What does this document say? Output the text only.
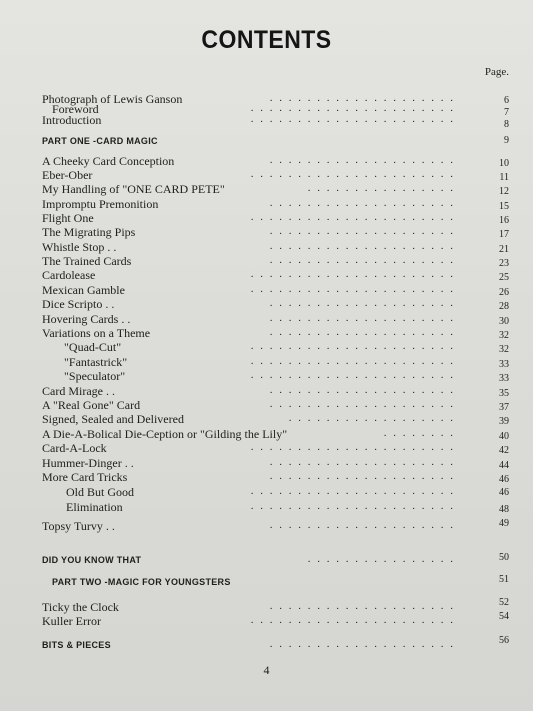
CONTENTS
Page.
Photograph of Lewis Ganson	. . . . . . . . . . . . . . . . . . . .	6
Foreword	. . . . . . . . . . . . . . . . . . . . . .	7
Introduction	. . . . . . . . . . . . . . . . . . . . . .	8
PART ONE -CARD MAGIC	9
A Cheeky Card Conception	. . . . . . . . . . . . . . . . . . . .	10
Eber-Ober	. . . . . . . . . . . . . . . . . . . . . .	11
My Handling of "ONE CARD PETE"	. . . . . . . . . . . . . . . .	12
Impromptu Premonition	. . . . . . . . . . . . . . . . . . . .	15
Flight One	. . . . . . . . . . . . . . . . . . . . . .	16
The Migrating Pips	. . . . . . . . . . . . . . . . . . . .	17
Whistle Stop . .	. . . . . . . . . . . . . . . . . . . .	21
The Trained Cards	. . . . . . . . . . . . . . . . . . . .	23
Cardolease	. . . . . . . . . . . . . . . . . . . . . .	25
Mexican Gamble	. . . . . . . . . . . . . . . . . . . . . .	26
Dice Scripto . .	. . . . . . . . . . . . . . . . . . . .	28
Hovering Cards . .	. . . . . . . . . . . . . . . . . . . .	30
Variations on a Theme	. . . . . . . . . . . . . . . . . . . .	32
"Quad-Cut"	. . . . . . . . . . . . . . . . . . . . . .	32
"Fantastrick"	. . . . . . . . . . . . . . . . . . . . . .	33
"Speculator"	. . . . . . . . . . . . . . . . . . . . . .	33
Card Mirage . .	. . . . . . . . . . . . . . . . . . . .	35
A "Real Gone" Card	. . . . . . . . . . . . . . . . . . . .	37
Signed, Sealed and Delivered	. . . . . . . . . . . . . . . . . .	39
A Die-A-Bolical Die-Ception or "Gilding the Lily"	. . . . . . . .	40
Card-A-Lock	. . . . . . . . . . . . . . . . . . . . . .	42
Hummer-Dinger . .	. . . . . . . . . . . . . . . . . . . .	44
More Card Tricks	. . . . . . . . . . . . . . . . . . . .	46
Old But Good	. . . . . . . . . . . . . . . . . . . . . .	46
Elimination	. . . . . . . . . . . . . . . . . . . . . .	48
Topsy Turvy . .	. . . . . . . . . . . . . . . . . . . .	49
DID YOU KNOW THAT	. . . . . . . . . . . . . . . .	50
PART TWO -MAGIC FOR YOUNGSTERS	51
Ticky the Clock	. . . . . . . . . . . . . . . . . . . .	52
Kuller Error	. . . . . . . . . . . . . . . . . . . . . .	54
BITS & PIECES	. . . . . . . . . . . . . . . . . . . .	56
4
